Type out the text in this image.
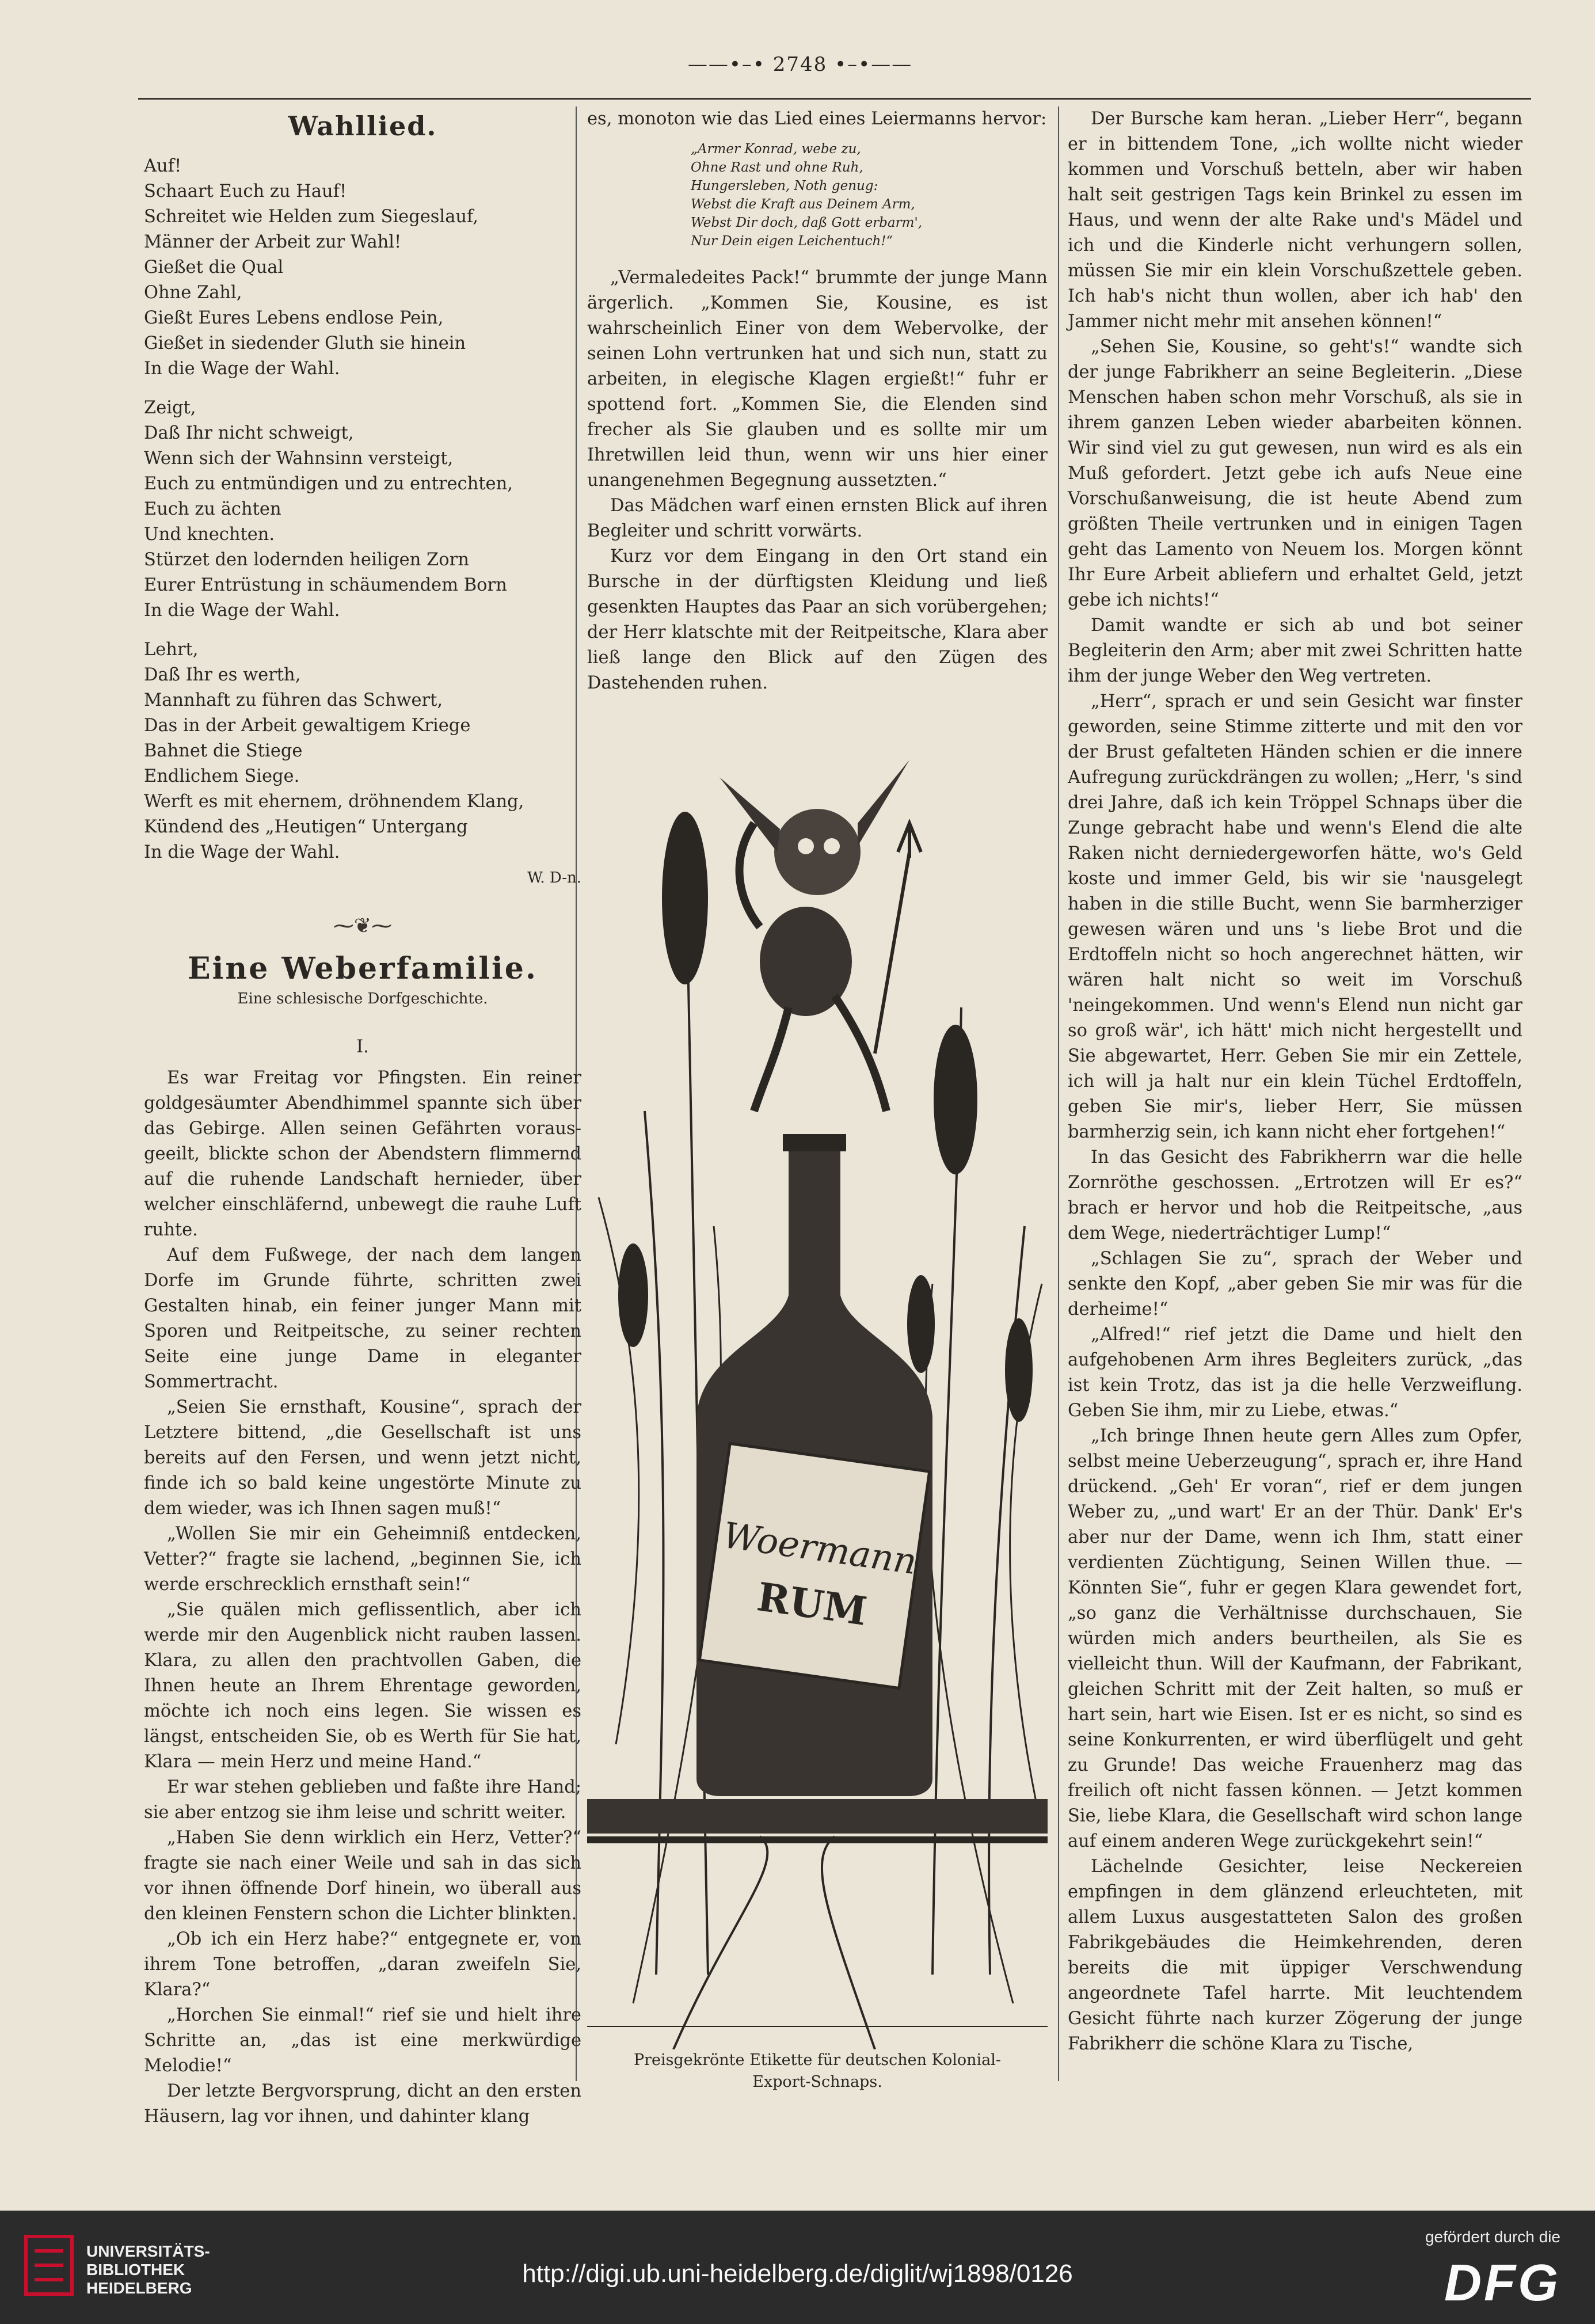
——•–• 2748 •–•——
Wahllied.
Auf!
Schaart Euch zu Hauf!
Schreitet wie Helden zum Siegeslauf,
Männer der Arbeit zur Wahl!
Gießet die Qual
Ohne Zahl,
Gießt Eures Lebens endlose Pein,
Gießet in siedender Gluth sie hinein
In die Wage der Wahl.
Zeigt,
Daß Ihr nicht schweigt,
Wenn sich der Wahnsinn versteigt,
Euch zu entmündigen und zu entrechten,
Euch zu ächten
Und knechten.
Stürzet den lodernden heiligen Zorn
Eurer Entrüstung in schäumendem Born
In die Wage der Wahl.
Lehrt,
Daß Ihr es werth,
Mannhaft zu führen das Schwert,
Das in der Arbeit gewaltigem Kriege
Bahnet die Stiege
Endlichem Siege.
Werft es mit ehernem, dröhnendem Klang,
Kündend des „Heutigen“ Untergang
In die Wage der Wahl.
W. D-n.
⁓❦⁓
Eine Weberfamilie.
Eine schlesische Dorfgeschichte.
I.

Es war Freitag vor Pfingsten. Ein reiner goldgesäumter Abendhimmel spannte sich über das Gebirge. Allen seinen Gefährten voraus-geeilt, blickte schon der Abendstern flimmernd auf die ruhende Landschaft hernieder, über welcher einschläfernd, unbewegt die rauhe Luft ruhte.

Auf dem Fußwege, der nach dem langen Dorfe im Grunde führte, schritten zwei Gestalten hinab, ein feiner junger Mann mit Sporen und Reitpeitsche, zu seiner rechten Seite eine junge Dame in eleganter Sommertracht.

„Seien Sie ernsthaft, Kousine“, sprach der Letztere bittend, „die Gesellschaft ist uns bereits auf den Fersen, und wenn jetzt nicht, finde ich so bald keine ungestörte Minute zu dem wieder, was ich Ihnen sagen muß!“

„Wollen Sie mir ein Geheimniß entdecken, Vetter?“ fragte sie lachend, „beginnen Sie, ich werde erschrecklich ernsthaft sein!“

„Sie quälen mich geflissentlich, aber ich werde mir den Augenblick nicht rauben lassen. Klara, zu allen den prachtvollen Gaben, die Ihnen heute an Ihrem Ehrentage geworden, möchte ich noch eins legen. Sie wissen es längst, entscheiden Sie, ob es Werth für Sie hat, Klara — mein Herz und meine Hand.“

Er war stehen geblieben und faßte ihre Hand; sie aber entzog sie ihm leise und schritt weiter.

„Haben Sie denn wirklich ein Herz, Vetter?“ fragte sie nach einer Weile und sah in das sich vor ihnen öffnende Dorf hinein, wo überall aus den kleinen Fenstern schon die Lichter blinkten.

„Ob ich ein Herz habe?“ entgegnete er, von ihrem Tone betroffen, „daran zweifeln Sie, Klara?“

„Horchen Sie einmal!“ rief sie und hielt ihre Schritte an, „das ist eine merkwürdige Melodie!“

Der letzte Bergvorsprung, dicht an den ersten Häusern, lag vor ihnen, und dahinter klang

es, monoton wie das Lied eines Leiermanns hervor:

„Armer Konrad, webe zu,
Ohne Rast und ohne Ruh,
Hungersleben, Noth genug:
Webst die Kraft aus Deinem Arm,
Webst Dir doch, daß Gott erbarm',
Nur Dein eigen Leichentuch!“

„Vermaledeites Pack!“ brummte der junge Mann ärgerlich. „Kommen Sie, Kousine, es ist wahrscheinlich Einer von dem Webervolke, der seinen Lohn vertrunken hat und sich nun, statt zu arbeiten, in elegische Klagen ergießt!“ fuhr er spottend fort. „Kommen Sie, die Elenden sind frecher als Sie glauben und es sollte mir um Ihretwillen leid thun, wenn wir uns hier einer unangenehmen Begegnung aussetzten.“

Das Mädchen warf einen ernsten Blick auf ihren Begleiter und schritt vorwärts.

Kurz vor dem Eingang in den Ort stand ein Bursche in der dürftigsten Kleidung und ließ gesenkten Hauptes das Paar an sich vorübergehen; der Herr klatschte mit der Reitpeitsche, Klara aber ließ lange den Blick auf den Zügen des Dastehenden ruhen.

Woermann
RUM
Preisgekrönte Etikette für deutschen Kolonial-
Export-Schnaps.

Der Bursche kam heran. „Lieber Herr“, begann er in bittendem Tone, „ich wollte nicht wieder kommen und Vorschuß betteln, aber wir haben halt seit gestrigen Tags kein Brinkel zu essen im Haus, und wenn der alte Rake und's Mädel und ich und die Kinderle nicht verhungern sollen, müssen Sie mir ein klein Vorschußzettele geben. Ich hab's nicht thun wollen, aber ich hab' den Jammer nicht mehr mit ansehen können!“

„Sehen Sie, Kousine, so geht's!“ wandte sich der junge Fabrikherr an seine Begleiterin. „Diese Menschen haben schon mehr Vorschuß, als sie in ihrem ganzen Leben wieder abarbeiten können. Wir sind viel zu gut gewesen, nun wird es als ein Muß gefordert. Jetzt gebe ich aufs Neue eine Vorschußanweisung, die ist heute Abend zum größten Theile vertrunken und in einigen Tagen geht das Lamento von Neuem los. Morgen könnt Ihr Eure Arbeit abliefern und erhaltet Geld, jetzt gebe ich nichts!“

Damit wandte er sich ab und bot seiner Begleiterin den Arm; aber mit zwei Schritten hatte ihm der junge Weber den Weg vertreten.

„Herr“, sprach er und sein Gesicht war finster geworden, seine Stimme zitterte und mit den vor der Brust gefalteten Händen schien er die innere Aufregung zurückdrängen zu wollen; „Herr, 's sind drei Jahre, daß ich kein Tröppel Schnaps über die Zunge gebracht habe und wenn's Elend die alte Raken nicht derniedergeworfen hätte, wo's Geld koste und immer Geld, bis wir sie 'nausgelegt haben in die stille Bucht, wenn Sie barmherziger gewesen wären und uns 's liebe Brot und die Erdtoffeln nicht so hoch angerechnet hätten, wir wären halt nicht so weit im Vorschuß 'neingekommen. Und wenn's Elend nun nicht gar so groß wär', ich hätt' mich nicht hergestellt und Sie abgewartet, Herr. Geben Sie mir ein Zettele, ich will ja halt nur ein klein Tüchel Erdtoffeln, geben Sie mir's, lieber Herr, Sie müssen barmherzig sein, ich kann nicht eher fortgehen!“

In das Gesicht des Fabrikherrn war die helle Zornröthe geschossen. „Ertrotzen will Er es?“ brach er hervor und hob die Reitpeitsche, „aus dem Wege, niederträchtiger Lump!“

„Schlagen Sie zu“, sprach der Weber und senkte den Kopf, „aber geben Sie mir was für die derheime!“

„Alfred!“ rief jetzt die Dame und hielt den aufgehobenen Arm ihres Begleiters zurück, „das ist kein Trotz, das ist ja die helle Verzweiflung. Geben Sie ihm, mir zu Liebe, etwas.“

„Ich bringe Ihnen heute gern Alles zum Opfer, selbst meine Ueberzeugung“, sprach er, ihre Hand drückend. „Geh' Er voran“, rief er dem jungen Weber zu, „und wart' Er an der Thür. Dank' Er's aber nur der Dame, wenn ich Ihm, statt einer verdienten Züchtigung, Seinen Willen thue. — Könnten Sie“, fuhr er gegen Klara gewendet fort, „so ganz die Verhältnisse durchschauen, Sie würden mich anders beurtheilen, als Sie es vielleicht thun. Will der Kaufmann, der Fabrikant, gleichen Schritt mit der Zeit halten, so muß er hart sein, hart wie Eisen. Ist er es nicht, so sind es seine Konkurrenten, er wird überflügelt und geht zu Grunde! Das weiche Frauenherz mag das freilich oft nicht fassen können. — Jetzt kommen Sie, liebe Klara, die Gesellschaft wird schon lange auf einem anderen Wege zurückgekehrt sein!“

Lächelnde Gesichter, leise Neckereien empfingen in dem glänzend erleuchteten, mit allem Luxus ausgestatteten Salon des großen Fabrikgebäudes die Heimkehrenden, deren bereits die mit üppiger Verschwendung angeordnete Tafel harrte. Mit leuchtendem Gesicht führte nach kurzer Zögerung der junge Fabrikherr die schöne Klara zu Tische,

UNIVERSITÄTS-
BIBLIOTHEK
HEIDELBERG
http://digi.ub.uni-heidelberg.de/diglit/wj1898/0126
gefördert durch die
DFG
